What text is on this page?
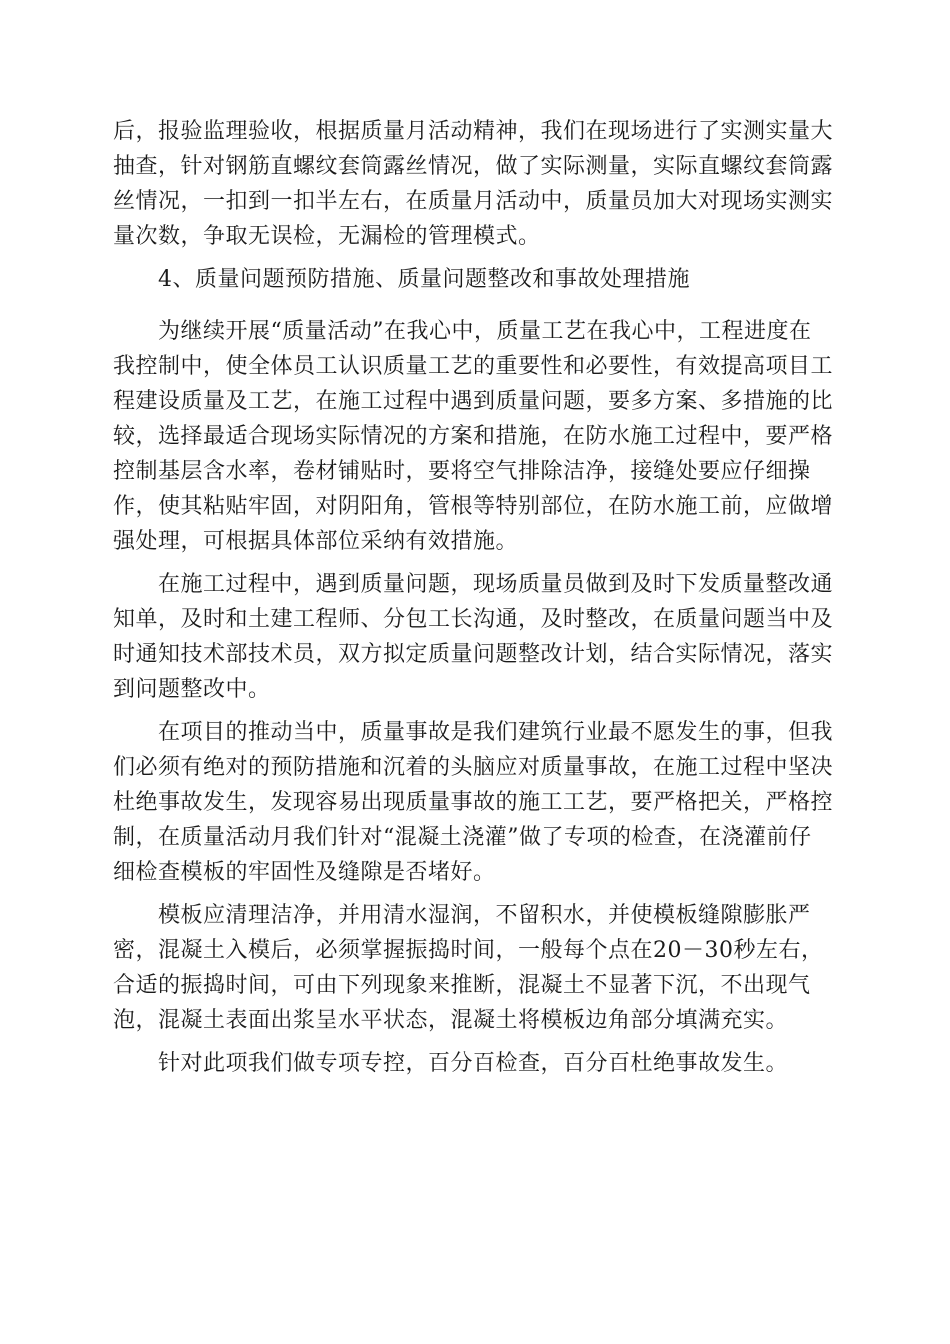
后，报验监理验收，根据质量月活动精神，我们在现场进行了实测实量大
抽查，针对钢筋直螺纹套筒露丝情况，做了实际测量，实际直螺纹套筒露
丝情况，一扣到一扣半左右，在质量月活动中，质量员加大对现场实测实
量次数，争取无误检，无漏检的管理模式。

4、质量问题预防措施、质量问题整改和事故处理措施

为继续开展“质量活动”在我心中，质量工艺在我心中，工程进度在
我控制中，使全体员工认识质量工艺的重要性和必要性，有效提高项目工
程建设质量及工艺，在施工过程中遇到质量问题，要多方案、多措施的比
较，选择最适合现场实际情况的方案和措施，在防水施工过程中，要严格
控制基层含水率，卷材铺贴时，要将空气排除洁净，接缝处要应仔细操
作，使其粘贴牢固，对阴阳角，管根等特别部位，在防水施工前，应做增
强处理，可根据具体部位采纳有效措施。

在施工过程中，遇到质量问题，现场质量员做到及时下发质量整改通
知单，及时和土建工程师、分包工长沟通，及时整改，在质量问题当中及
时通知技术部技术员，双方拟定质量问题整改计划，结合实际情况，落实
到问题整改中。

在项目的推动当中，质量事故是我们建筑行业最不愿发生的事，但我
们必须有绝对的预防措施和沉着的头脑应对质量事故，在施工过程中坚决
杜绝事故发生，发现容易出现质量事故的施工工艺，要严格把关，严格控
制，在质量活动月我们针对“混凝土浇灌”做了专项的检查，在浇灌前仔
细检查模板的牢固性及缝隙是否堵好。

模板应清理洁净，并用清水湿润，不留积水，并使模板缝隙膨胀严
密，混凝土入模后，必须掌握振捣时间，一般每个点在20－30秒左右，
合适的振捣时间，可由下列现象来推断，混凝土不显著下沉，不出现气
泡，混凝土表面出浆呈水平状态，混凝土将模板边角部分填满充实。

针对此项我们做专项专控，百分百检查，百分百杜绝事故发生。
